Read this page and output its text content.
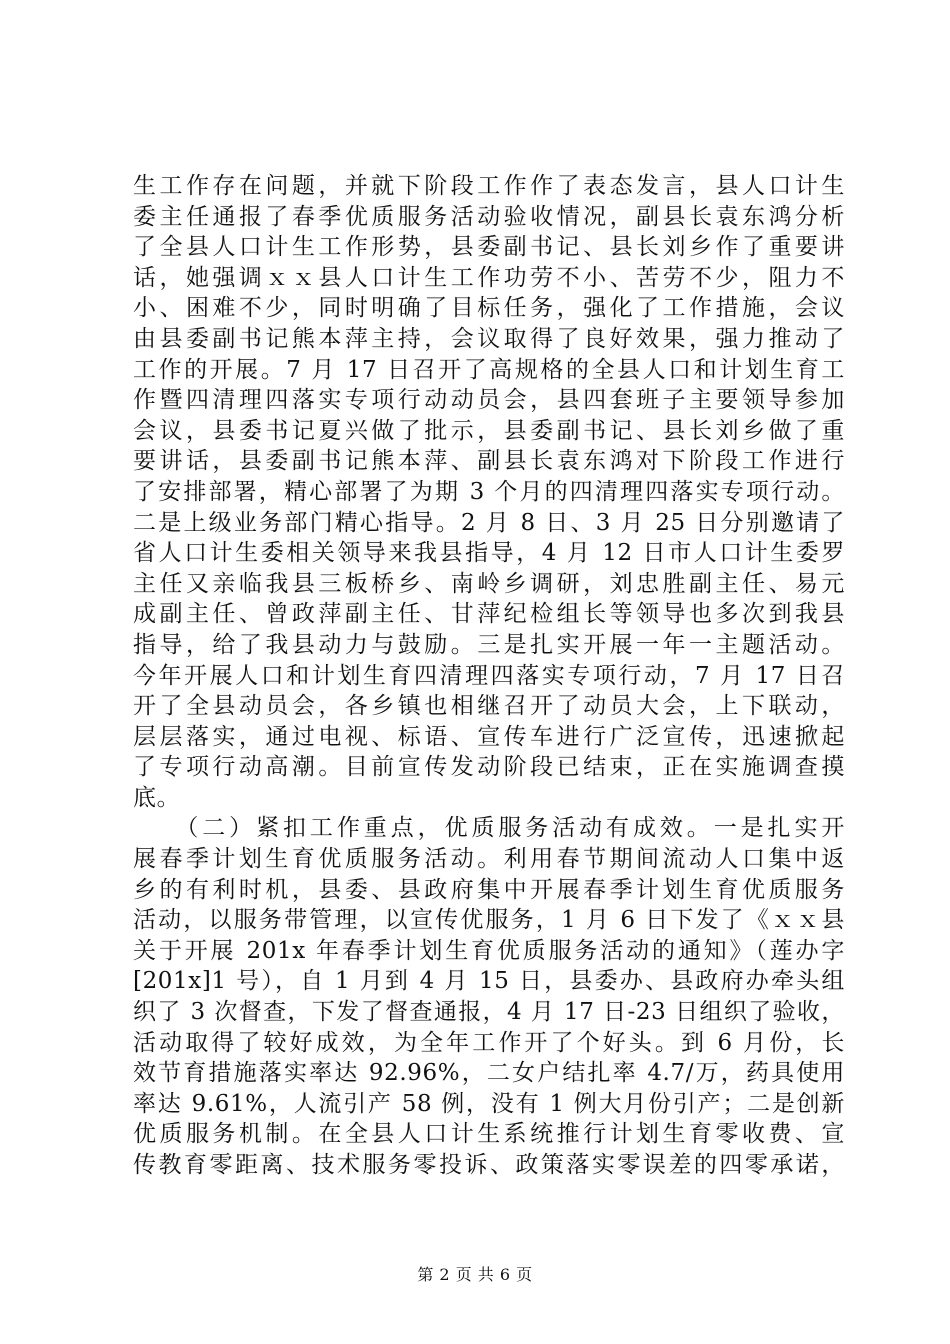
生工作存在问题，并就下阶段工作作了表态发言，县人口计生
委主任通报了春季优质服务活动验收情况，副县长袁东鸿分析
了全县人口计生工作形势，县委副书记、县长刘乡作了重要讲
话，她强调ｘｘ县人口计生工作功劳不小、苦劳不少，阻力不
小、困难不少，同时明确了目标任务，强化了工作措施，会议
由县委副书记熊本萍主持，会议取得了良好效果，强力推动了
工作的开展。7 月 17 日召开了高规格的全县人口和计划生育工
作暨四清理四落实专项行动动员会，县四套班子主要领导参加
会议，县委书记夏兴做了批示，县委副书记、县长刘乡做了重
要讲话，县委副书记熊本萍、副县长袁东鸿对下阶段工作进行
了安排部署，精心部署了为期 3 个月的四清理四落实专项行动。
二是上级业务部门精心指导。2 月 8 日、3 月 25 日分别邀请了
省人口计生委相关领导来我县指导，4 月 12 日市人口计生委罗
主任又亲临我县三板桥乡、南岭乡调研，刘忠胜副主任、易元
成副主任、曾政萍副主任、甘萍纪检组长等领导也多次到我县
指导，给了我县动力与鼓励。三是扎实开展一年一主题活动。
今年开展人口和计划生育四清理四落实专项行动，7 月 17 日召
开了全县动员会，各乡镇也相继召开了动员大会，上下联动，
层层落实，通过电视、标语、宣传车进行广泛宣传，迅速掀起
了专项行动高潮。目前宣传发动阶段已结束，正在实施调查摸
底。
　　（二）紧扣工作重点，优质服务活动有成效。一是扎实开
展春季计划生育优质服务活动。利用春节期间流动人口集中返
乡的有利时机，县委、县政府集中开展春季计划生育优质服务
活动，以服务带管理，以宣传优服务，1 月 6 日下发了《ｘｘ县
关于开展 201x 年春季计划生育优质服务活动的通知》（莲办字
[201x]1 号），自 1 月到 4 月 15 日，县委办、县政府办牵头组
织了 3 次督查，下发了督查通报，4 月 17 日-23 日组织了验收，
活动取得了较好成效，为全年工作开了个好头。到 6 月份，长
效节育措施落实率达 92.96%，二女户结扎率 4.7/万，药具使用
率达 9.61%，人流引产 58 例，没有 1 例大月份引产；二是创新
优质服务机制。在全县人口计生系统推行计划生育零收费、宣
传教育零距离、技术服务零投诉、政策落实零误差的四零承诺，
第 2 页 共 6 页
